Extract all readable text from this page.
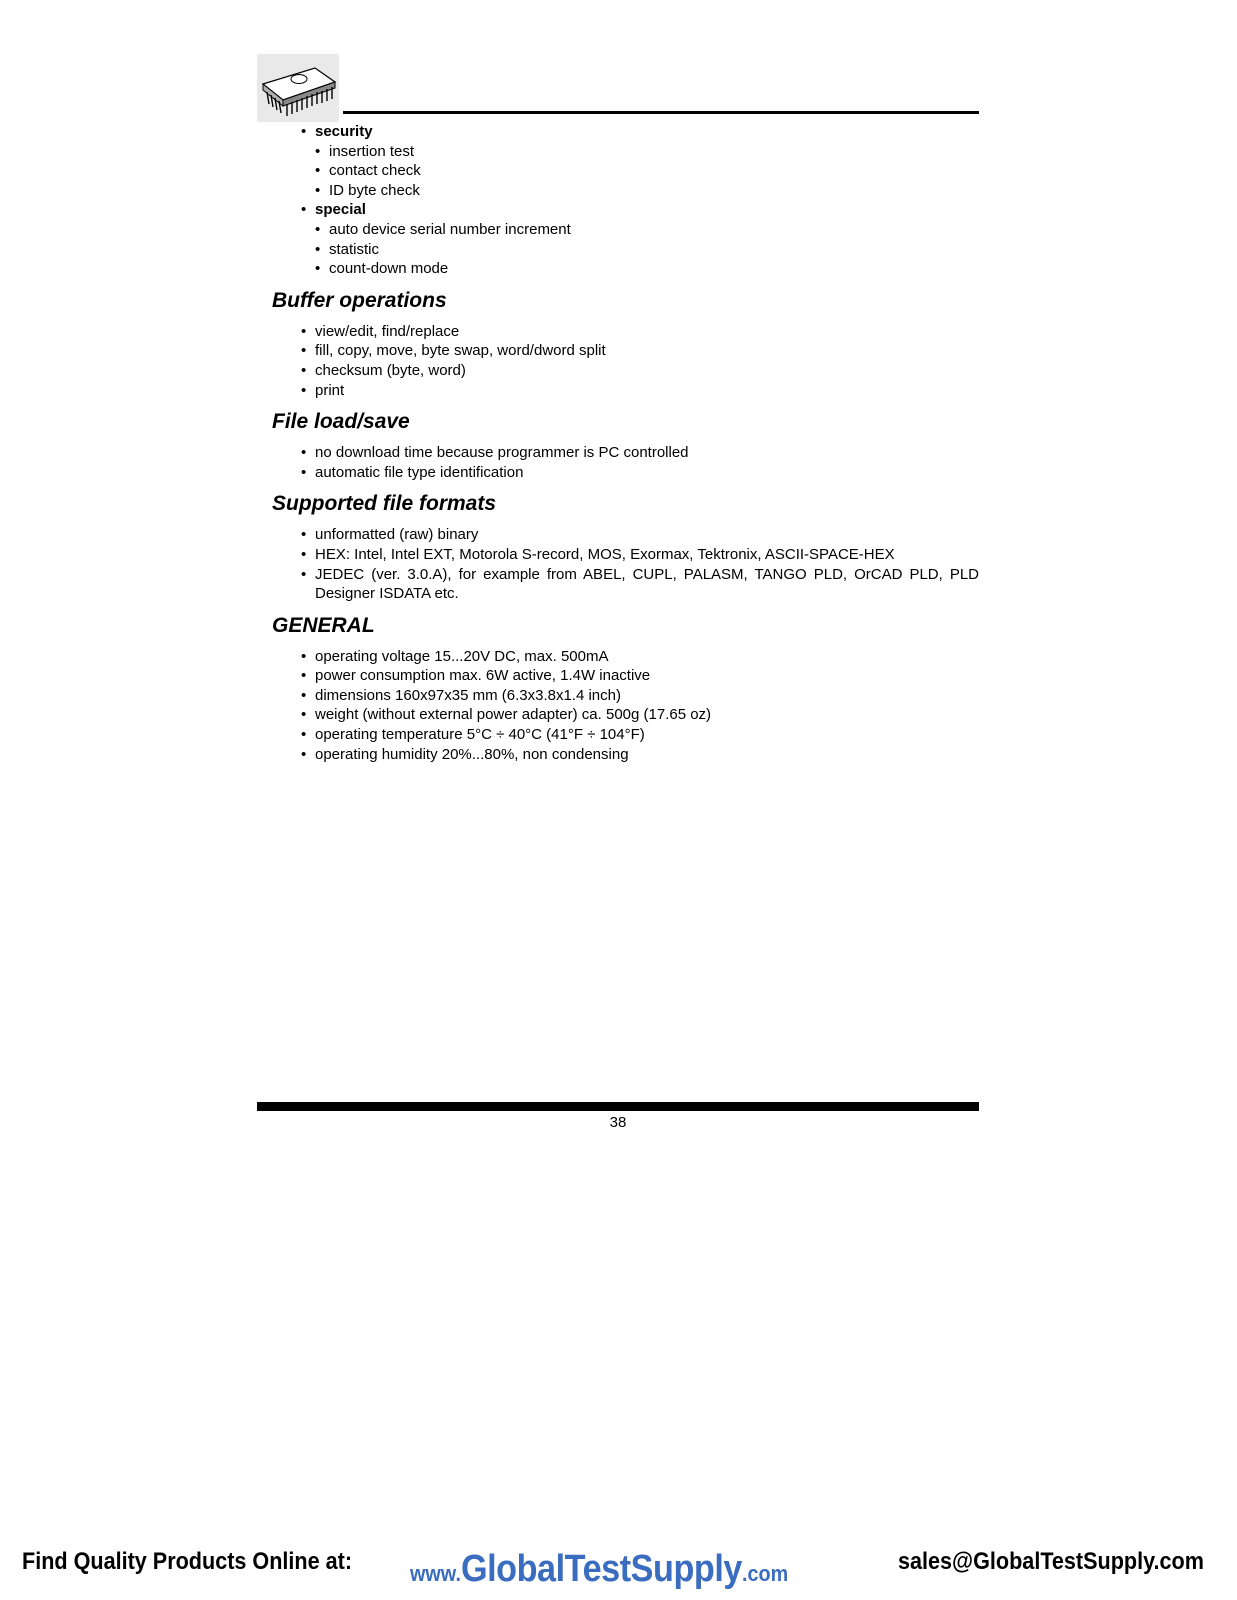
• security
• insertion test
• contact check
• ID byte check
• special
• auto device serial number increment
• statistic
• count-down mode
Buffer operations
• view/edit, find/replace
• fill, copy, move, byte swap, word/dword split
• checksum (byte, word)
• print
File load/save
• no download time because programmer is PC controlled
• automatic file type identification
Supported file formats
• unformatted (raw) binary
• HEX: Intel, Intel EXT, Motorola S-record, MOS, Exormax, Tektronix, ASCII-SPACE-HEX
• JEDEC (ver. 3.0.A), for example from ABEL, CUPL, PALASM, TANGO PLD, OrCAD PLD, PLD Designer ISDATA etc.
GENERAL
• operating voltage 15...20V DC, max. 500mA
• power consumption max. 6W active, 1.4W inactive
• dimensions 160x97x35 mm (6.3x3.8x1.4 inch)
• weight (without external power adapter) ca. 500g (17.65 oz)
• operating temperature 5°C ÷ 40°C (41°F ÷ 104°F)
• operating humidity 20%...80%, non condensing
38
Find Quality Products Online at:	www. GlobalTestSupply .com	sales@GlobalTestSupply.com
